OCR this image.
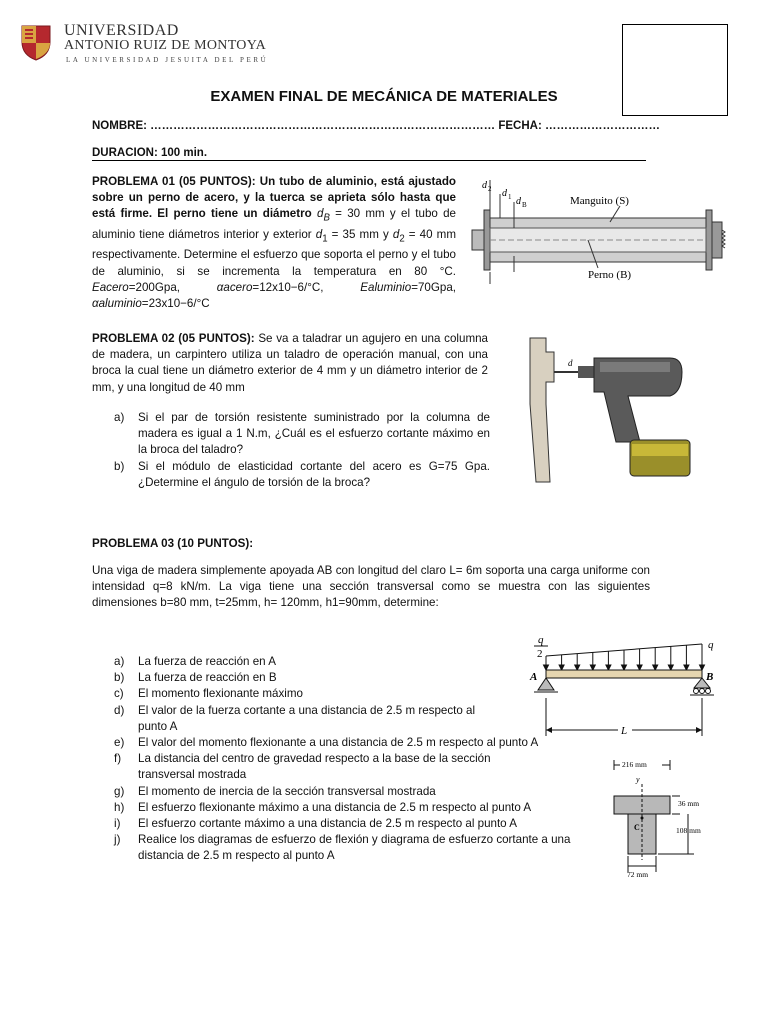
UNIVERSIDAD
ANTONIO RUIZ DE MONTOYA
LA UNIVERSIDAD JESUITA DEL PERÚ
EXAMEN FINAL DE MECÁNICA DE MATERIALES
NOMBRE: ……………………………………………………………………………… FECHA: …………………………
DURACION: 100 min.
PROBLEMA 01 (05 PUNTOS): Un tubo de aluminio, está ajustado sobre un perno de acero, y la tuerca se aprieta sólo hasta que está firme. El perno tiene un diámetro $d_B = 30$ mm y el tubo de aluminio tiene diámetros interior y exterior $d_1 = 35$ mm y $d_2 = 40$ mm respectivamente. Determine el esfuerzo que soporta el perno y el tubo de aluminio, si se incrementa la temperatura en 80 °C. Eacero=200Gpa, αacero=12x10−6/°C, Ealuminio=70Gpa, αaluminio=23x10−6/°C
d 2 d 1 d B	Manguito (S)
Perno (B)
PROBLEMA 02 (05 PUNTOS): Se va a taladrar un agujero en una columna de madera, un carpintero utiliza un taladro de operación manual, con una broca la cual tiene un diámetro exterior de 4 mm y un diámetro interior de 2 mm, y una longitud de 40 mm
a) Si el par de torsión resistente suministrado por la columna de madera es igual a 1 N.m, ¿Cuál es el esfuerzo cortante máximo en la broca del taladro?
b) Si el módulo de elasticidad cortante del acero es G=75 Gpa. ¿Determine el ángulo de torsión de la broca?
d
PROBLEMA 03 (10 PUNTOS):
Una viga de madera simplemente apoyada AB con longitud del claro L= 6m soporta una carga uniforme con intensidad q=8 kN/m. La viga tiene una sección transversal como se muestra con las siguientes dimensiones b=80 mm, t=25mm, h= 120mm, h1=90mm, determine:
a) La fuerza de reacción en A
b) La fuerza de reacción en B
c) El momento flexionante máximo
d) El valor de la fuerza cortante a una distancia de 2.5 m respecto al punto A
e) El valor del momento flexionante a una distancia de 2.5 m respecto al punto A
f) La distancia del centro de gravedad respecto a la base de la sección transversal mostrada
g) El momento de inercia de la sección transversal mostrada
h) El esfuerzo flexionante máximo a una distancia de 2.5 m respecto al punto A
i) El esfuerzo cortante máximo a una distancia de 2.5 m respecto al punto A
j) Realice los diagramas de esfuerzo de flexión y diagrama de esfuerzo cortante a una distancia de 2.5 m respecto al punto A
q
2
q
A	B
L
216 mm
y
C
36 mm
108 mm
72 mm
